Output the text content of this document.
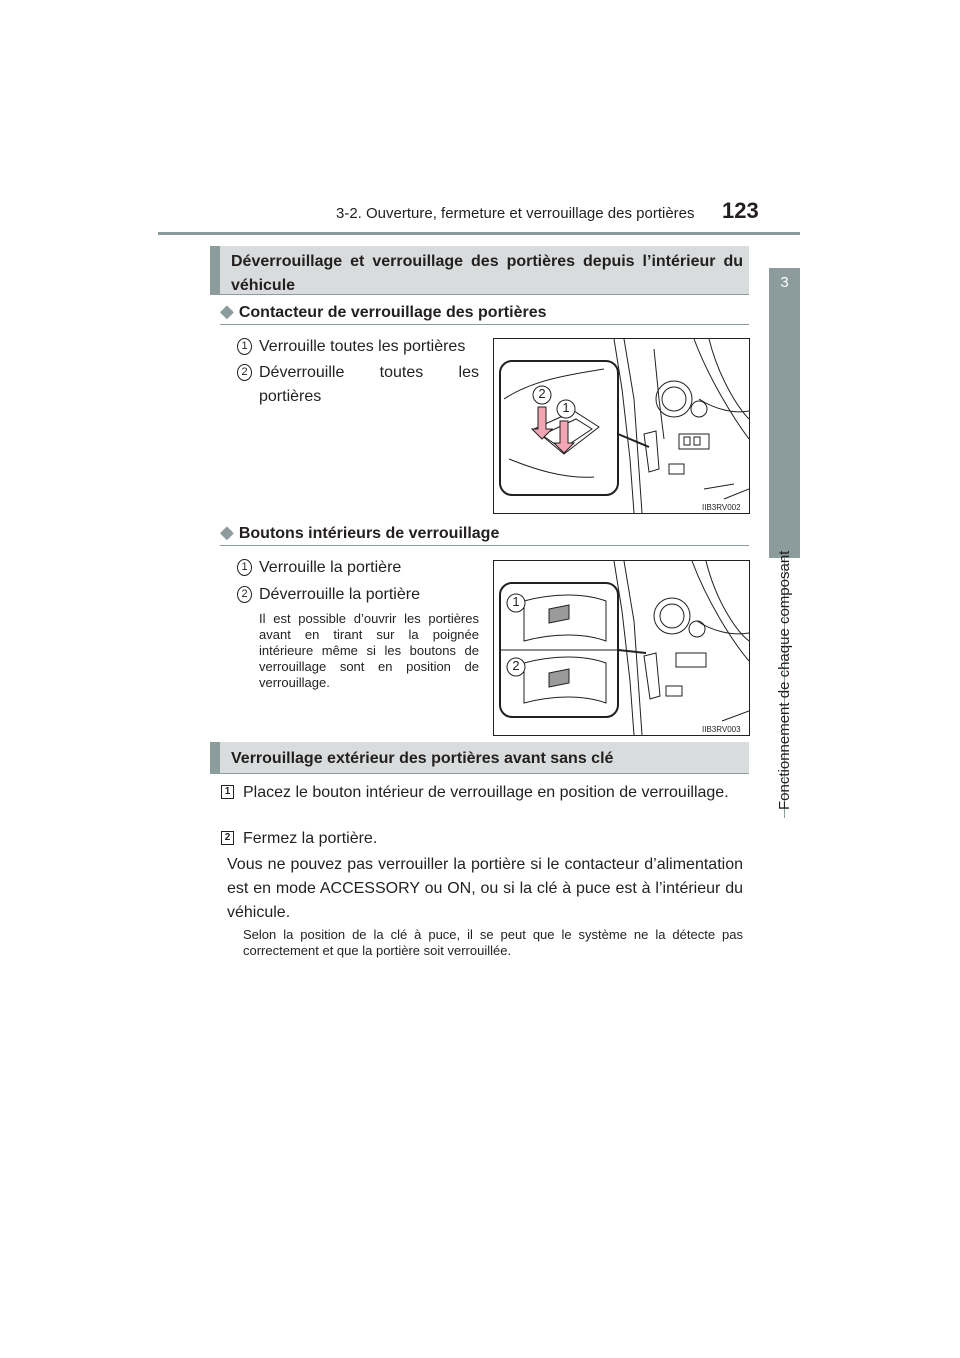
3-2. Ouverture, fermeture et verrouillage des portières 123
3
Fonctionnement de chaque composant
Déverrouillage et verrouillage des portières depuis l’intérieur du véhicule
◆ Contacteur de verrouillage des portières
1 Verrouille toutes les portières
2 Déverrouille toutes les portières	2
1
IIB3RV002
◆ Boutons intérieurs de verrouillage
1 Verrouille la portière
2 Déverrouille la portière
Il est possible d’ouvrir les portières avant en tirant sur la poignée intérieure même si les boutons de verrouillage sont en position de verrouillage.
1
2
IIB3RV003
Verrouillage extérieur des portières avant sans clé
1 Placez le bouton intérieur de verrouillage en position de verrouillage.
2 Fermez la portière.
Vous ne pouvez pas verrouiller la portière si le contacteur d’alimentation est en mode ACCESSORY ou ON, ou si la clé à puce est à l’intérieur du véhicule.
Selon la position de la clé à puce, il se peut que le système ne la détecte pas correctement et que la portière soit verrouillée.
